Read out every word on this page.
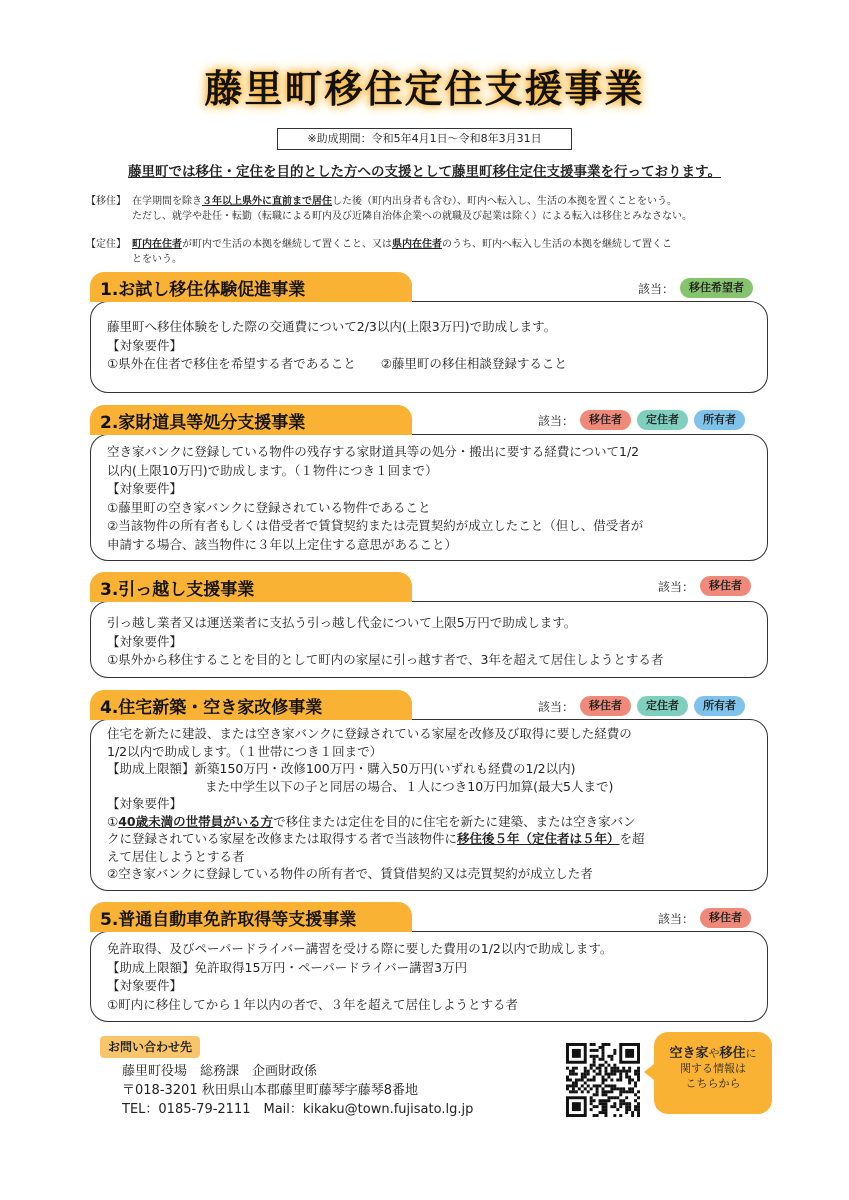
藤里町移住定住支援事業
※助成期間：令和5年4月1日～令和8年3月31日
藤里町では移住・定住を目的とした方への支援として藤里町移住定住支援事業を行っております。
【移住】 在学期間を除き３年以上県外に直前まで居住した後（町内出身者も含む）、町内へ転入し、生活の本拠を置くことをいう。
ただし、就学や赴任・転勤（転職による町内及び近隣自治体企業への就職及び起業は除く）による転入は移住とみなさない。
【定住】 町内在住者が町内で生活の本拠を継続して置くこと、又は県内在住者のうち、町内へ転入し生活の本拠を継続して置くこ
とをいう。

藤里町へ移住体験をした際の交通費について2/3以内(上限3万円)で助成します。

【対象要件】

①県外在住者で移住を希望する者であること　　②藤里町の移住相談登録すること

1.お試し移住体験促進事業	該当：	移住希望者

空き家バンクに登録している物件の残存する家財道具等の処分・搬出に要する経費について1/2

以内(上限10万円)で助成します。（１物件につき１回まで）

【対象要件】

①藤里町の空き家バンクに登録されている物件であること

②当該物件の所有者もしくは借受者で賃貸契約または売買契約が成立したこと（但し、借受者が

申請する場合、該当物件に３年以上定住する意思があること）

2.家財道具等処分支援事業	該当：	移住者	定住者	所有者

引っ越し業者又は運送業者に支払う引っ越し代金について上限5万円で助成します。

【対象要件】

①県外から移住することを目的として町内の家屋に引っ越す者で、3年を超えて居住しようとする者

3.引っ越し支援事業	該当：	移住者

住宅を新たに建設、または空き家バンクに登録されている家屋を改修及び取得に要した経費の

1/2以内で助成します。（１世帯につき１回まで）

【助成上限額】新築150万円・改修100万円・購入50万円(いずれも経費の1/2以内)

また中学生以下の子と同居の場合、１人につき10万円加算(最大5人まで)

【対象要件】

①40歳未満の世帯員がいる方で移住または定住を目的に住宅を新たに建築、または空き家バン

クに登録されている家屋を改修または取得する者で当該物件に移住後５年（定住者は５年）を超

えて居住しようとする者

②空き家バンクに登録している物件の所有者で、賃貸借契約又は売買契約が成立した者

4.住宅新築・空き家改修事業	該当：	移住者	定住者	所有者

免許取得、及びペーパードライバー講習を受ける際に要した費用の1/2以内で助成します。

【助成上限額】免許取得15万円・ペーパードライバー講習3万円

【対象要件】

①町内に移住してから１年以内の者で、３年を超えて居住しようとする者

5.普通自動車免許取得等支援事業	該当：	移住者
お問い合わせ先

藤里町役場　総務課　企画財政係

〒018-3201 秋田県山本郡藤里町藤琴字藤琴8番地

TEL：0185-79-2111　Mail：kikaku@town.fujisato.lg.jp

空き家や移住に

関する情報は

こちらから
